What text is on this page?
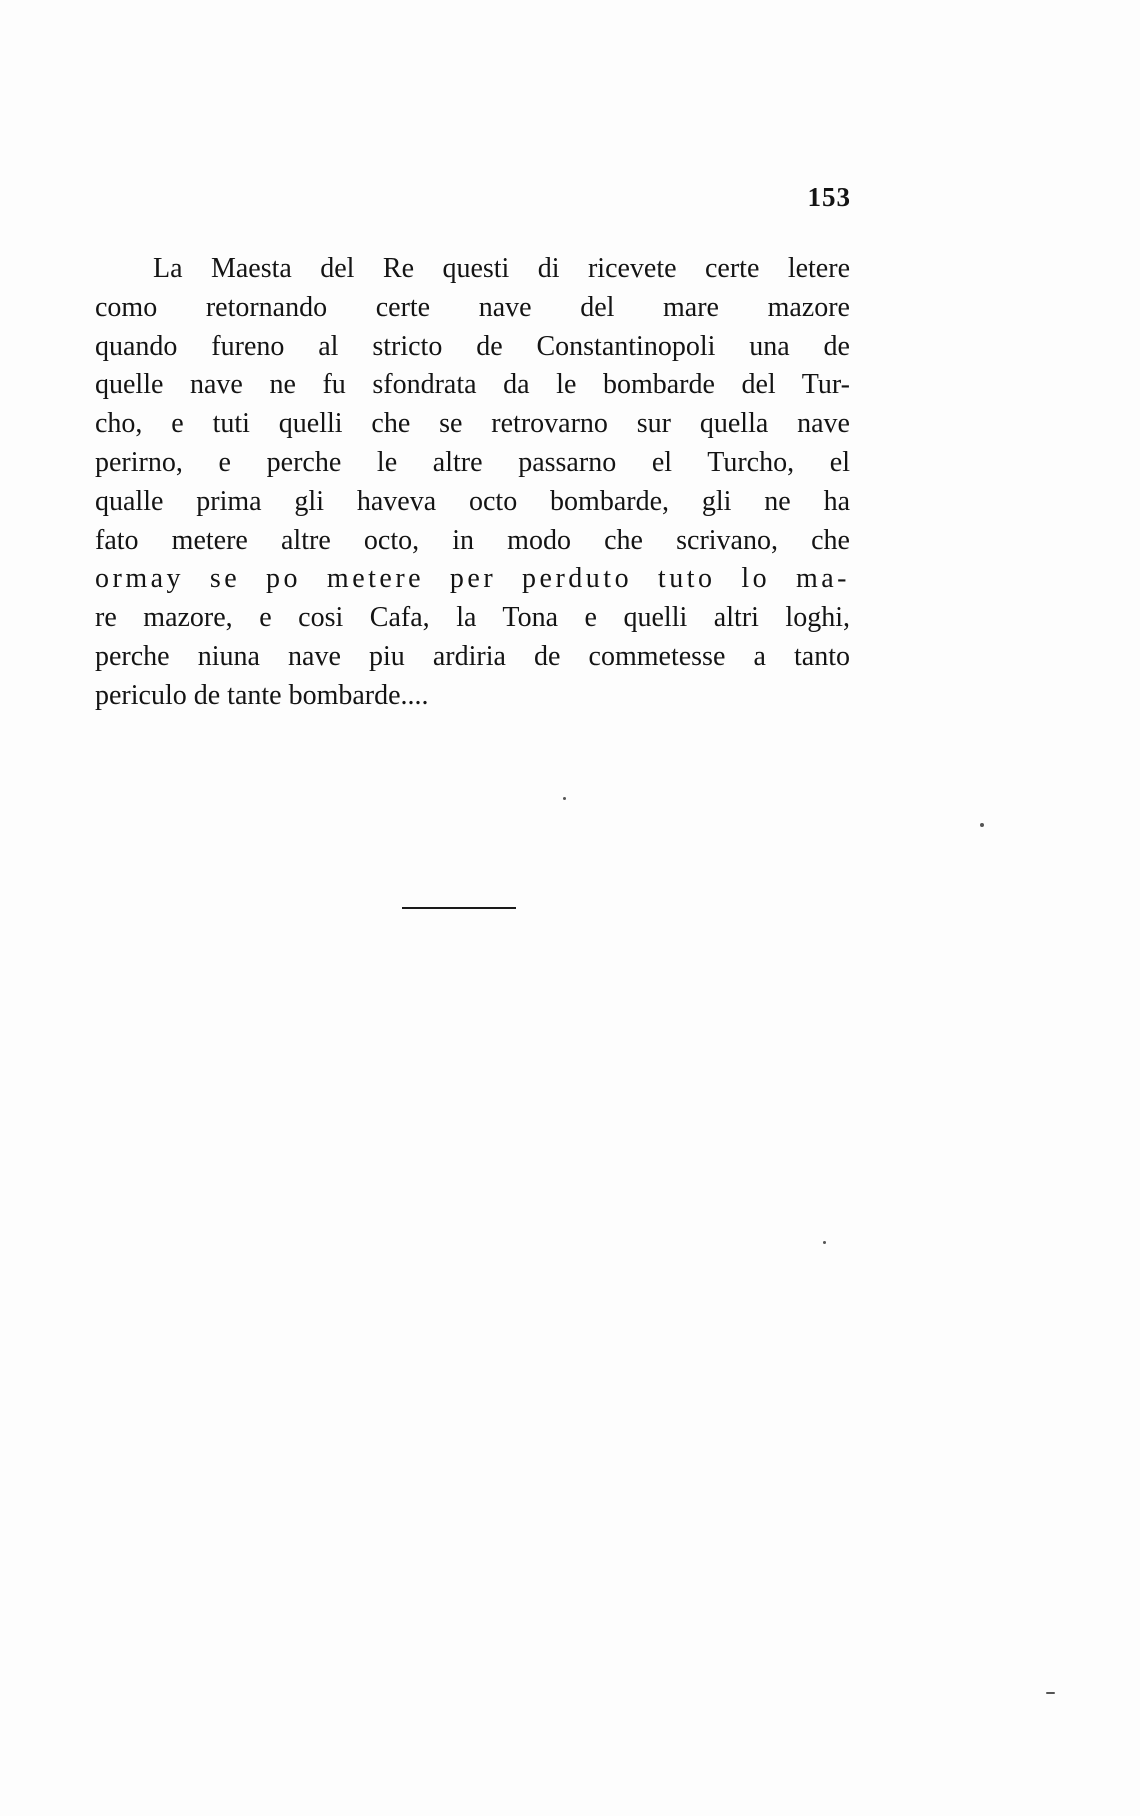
153
La Maesta del Re questi di ricevete certe letere
como retornando certe nave del mare mazore
quando fureno al stricto de Constantinopoli una de
quelle nave ne fu sfondrata da le bombarde del Tur-
cho, e tuti quelli che se retrovarno sur quella nave
perirno, e perche le altre passarno el Turcho, el
qualle prima gli haveva octo bombarde, gli ne ha
fato metere altre octo, in modo che scrivano, che
ormay se po metere per perduto tuto lo ma-
re mazore, e cosi Cafa, la Tona e quelli altri loghi,
perche niuna nave piu ardiria de commetesse a tanto
periculo de tante bombarde....
